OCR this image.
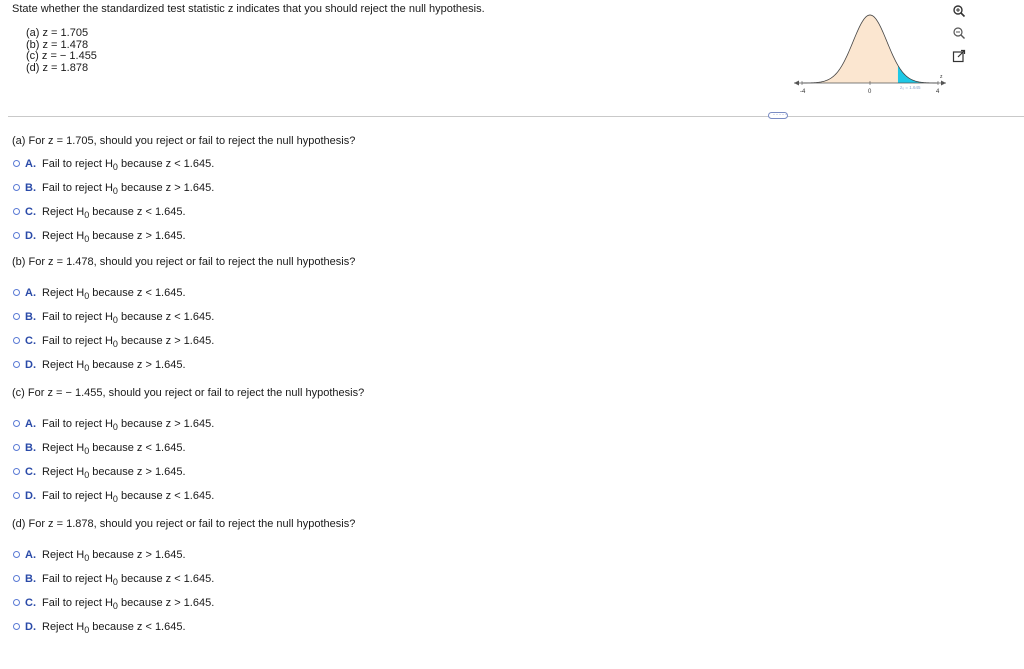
State whether the standardized test statistic z indicates that you should reject the null hypothesis.
(a) z = 1.705
(b) z = 1.478
(c) z = − 1.455
(d) z = 1.878
-4	0	4
z
z₀ = 1.645
·····
(a) For z = 1.705, should you reject or fail to reject the null hypothesis?
A. Fail to reject $H_0$ because z < 1.645.
B. Fail to reject $H_0$ because z > 1.645.
C. Reject $H_0$ because z < 1.645.
D. Reject $H_0$ because z > 1.645.
(b) For z = 1.478, should you reject or fail to reject the null hypothesis?
A. Reject $H_0$ because z < 1.645.
B. Fail to reject $H_0$ because z < 1.645.
C. Fail to reject $H_0$ because z > 1.645.
D. Reject $H_0$ because z > 1.645.
(c) For z = − 1.455, should you reject or fail to reject the null hypothesis?
A. Fail to reject $H_0$ because z > 1.645.
B. Reject $H_0$ because z < 1.645.
C. Reject $H_0$ because z > 1.645.
D. Fail to reject $H_0$ because z < 1.645.
(d) For z = 1.878, should you reject or fail to reject the null hypothesis?
A. Reject $H_0$ because z > 1.645.
B. Fail to reject $H_0$ because z < 1.645.
C. Fail to reject $H_0$ because z > 1.645.
D. Reject $H_0$ because z < 1.645.
